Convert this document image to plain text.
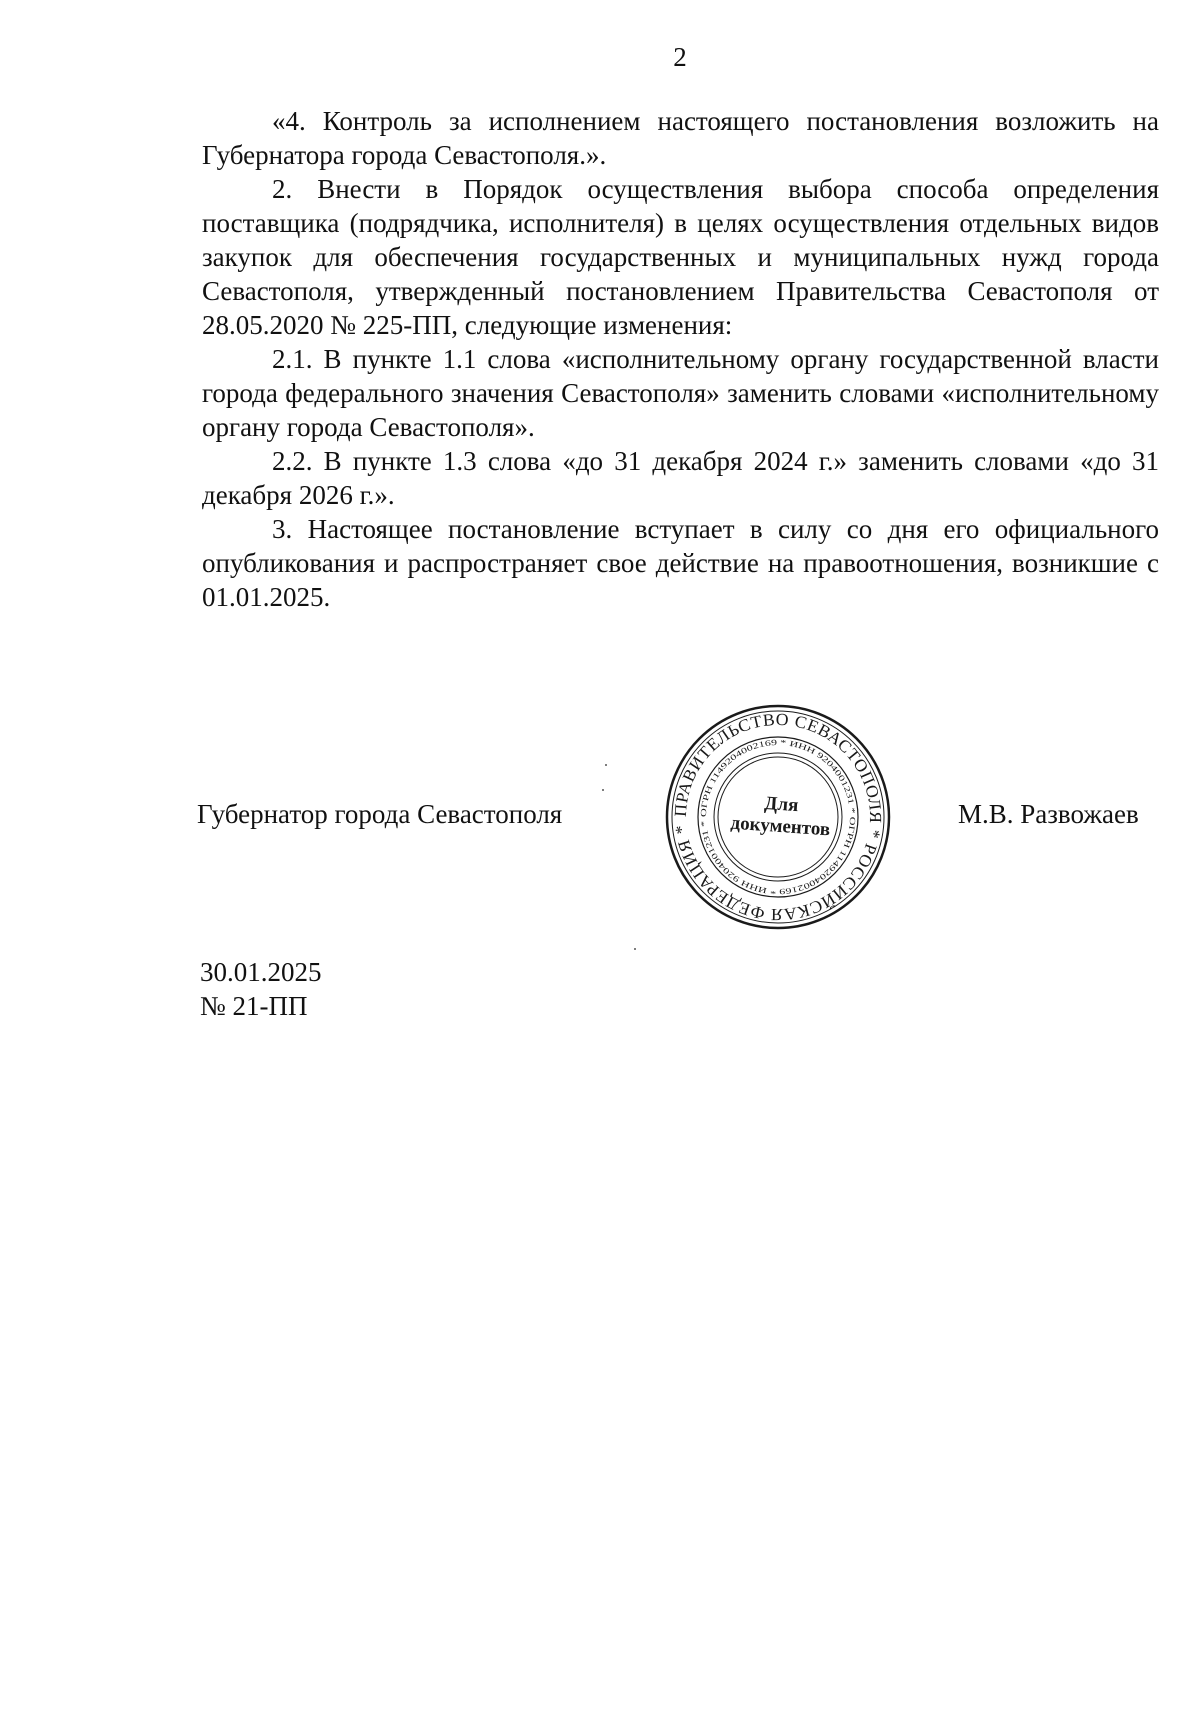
2

«4. Контроль за исполнением настоящего постановления возложить на Губернатора города Севастополя.».

2. Внести в Порядок осуществления выбора способа определения поставщика (подрядчика, исполнителя) в целях осуществления отдельных видов закупок для обеспечения государственных и муниципальных нужд города Севастополя, утвержденный постановлением Правительства Севастополя от 28.05.2020 № 225-ПП, следующие изменения:

2.1. В пункте 1.1 слова «исполнительному органу государственной власти города федерального значения Севастополя» заменить словами «исполнительному органу города Севастополя».

2.2. В пункте 1.3 слова «до 31 декабря 2024 г.» заменить словами «до 31 декабря 2026 г.».

3. Настоящее постановление вступает в силу со дня его официального опубликования и распространяет свое действие на правоотношения, возникшие с 01.01.2025.

Губернатор города Севастополя	ПРАВИТЕЛЬСТВО СЕВАСТОПОЛЯ * РОССИЙСКАЯ ФЕДЕРАЦИЯ *
ОГРН 1149204002169 * ИНН 9204001231 * ОГРН 1149204002169 * ИНН 9204001231 *
Для
документов	М.В. Развожаев
30.01.2025
№ 21-ПП
